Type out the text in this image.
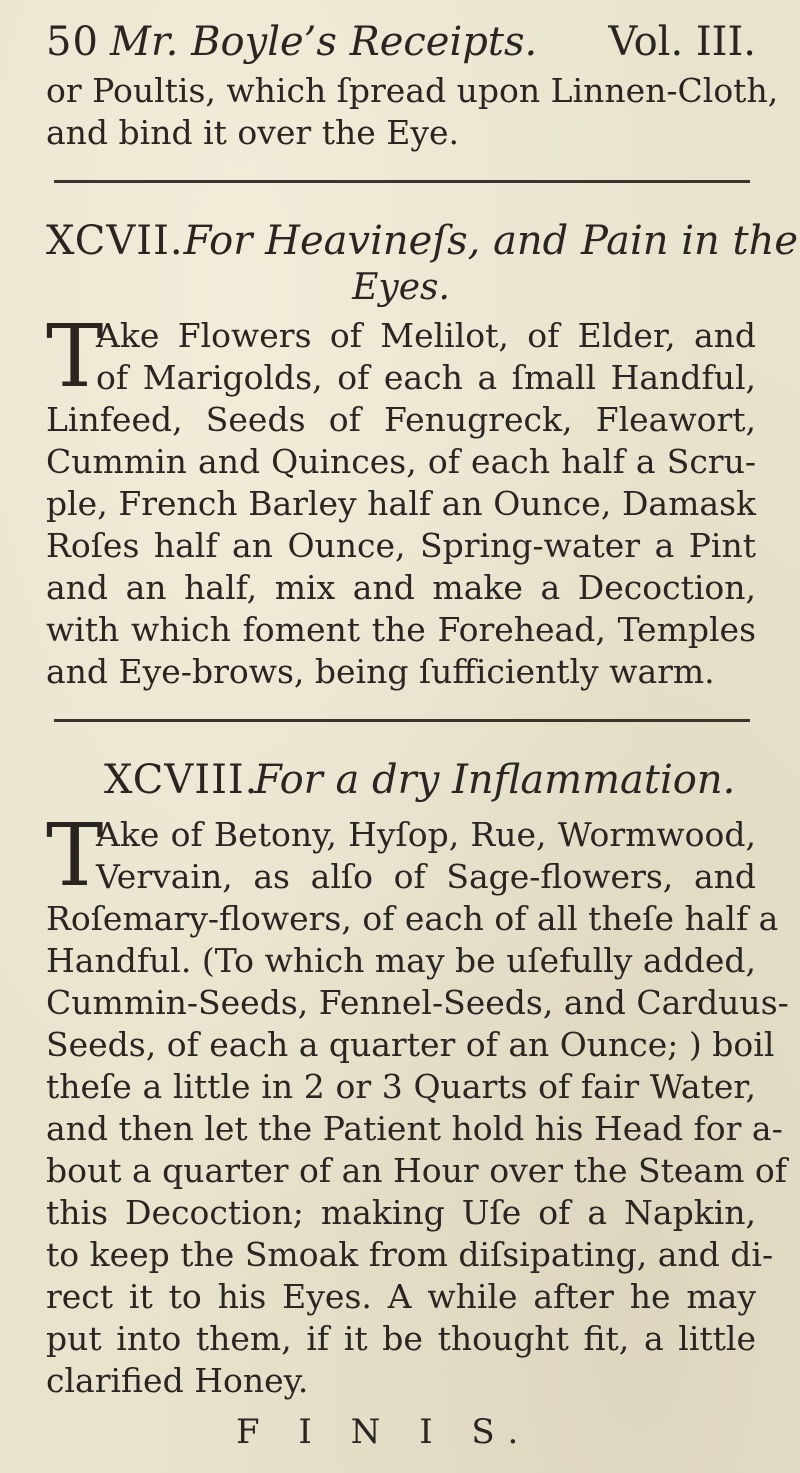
50 Mr. Boyle’s Receipts.	Vol. III.

or Poultis, which ſpread upon Linnen-Cloth,
and bind it over the Eye.

XCVII. For Heavineſs, and Pain in the
Eyes.
T
Ake Flowers of Melilot, of Elder, and
of Marigolds, of each a ſmall Handful,
Linfeed, Seeds of Fenugreck, Fleawort,
Cummin and Quinces, of each half a Scru-
ple, French Barley half an Ounce, Damask
Roſes half an Ounce, Spring-water a Pint
and an half, mix and make a Decoction,
with which foment the Forehead, Temples
and Eye-brows, being ſufficiently warm.
XCVIII.
For a dry Inflammation.
T
Ake of Betony, Hyſop, Rue, Wormwood,
Vervain, as alſo of Sage-flowers, and
Roſemary-flowers, of each of all theſe half a
Handful. (To which may be uſefully added,
Cummin-Seeds, Fennel-Seeds, and Carduus-
Seeds, of each a quarter of an Ounce; ) boil
theſe a little in 2 or 3 Quarts of fair Water,
and then let the Patient hold his Head for a-
bout a quarter of an Hour over the Steam of
this Decoction; making Uſe of a Napkin,
to keep the Smoak from diſsipating, and di-
rect it to his Eyes. A while after he may
put into them, if it be thought fit, a little
clarified Honey.
F I N I S.
